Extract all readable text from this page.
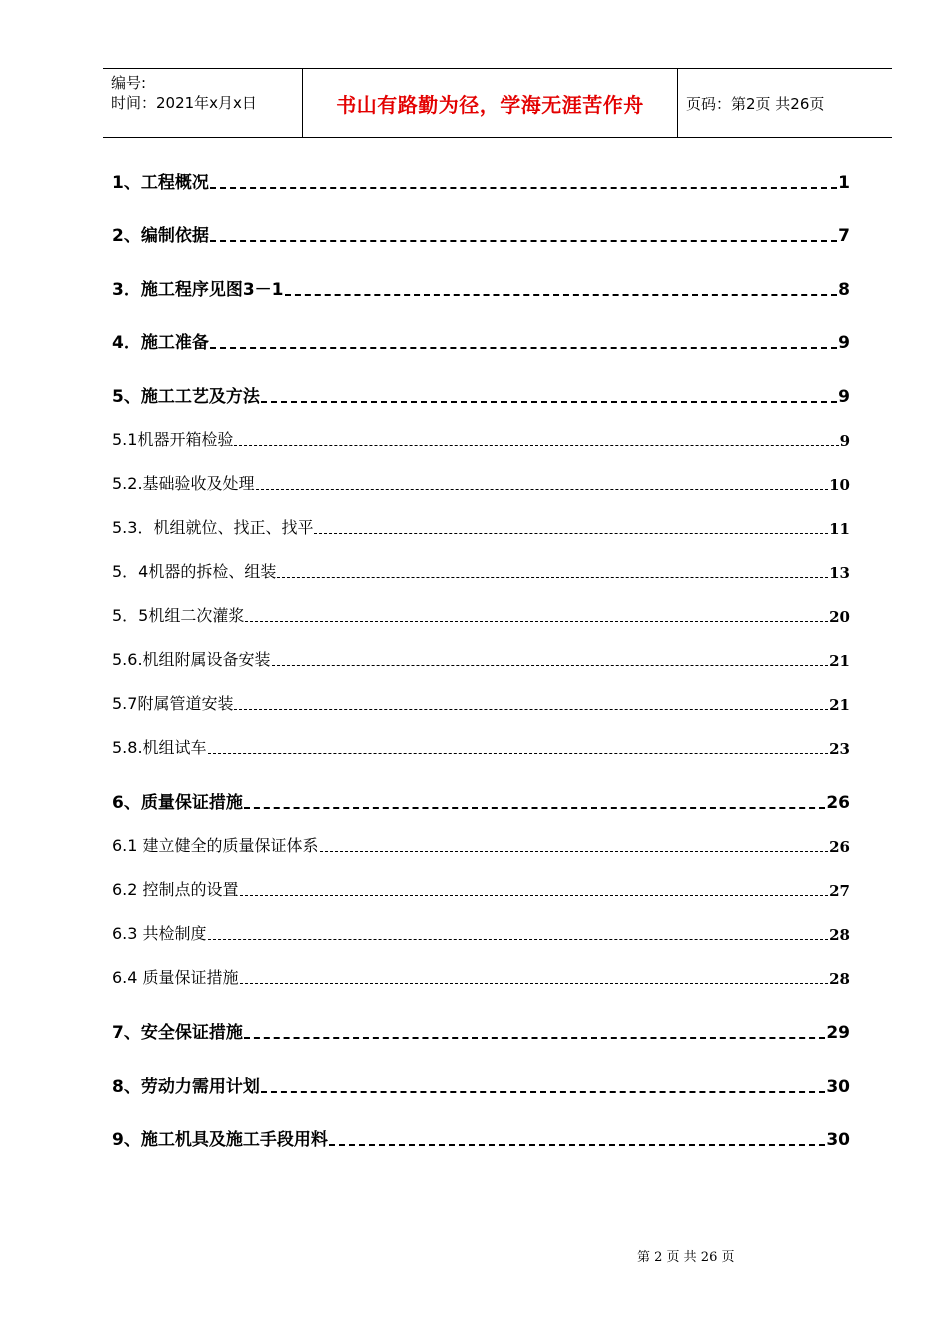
编号:
时间：2021年x月x日	书山有路勤为径，学海无涯苦作舟	页码：第2页 共26页
1、工程概况	1
2、编制依据	7
3．施工程序见图3－1	8
4．施工准备	9
5、施工工艺及方法	9
5.1机器开箱检验	9
5.2.基础验收及处理	10
5.3．机组就位、找正、找平	11
5．4机器的拆检、组装	13
5．5机组二次灌浆	20
5.6.机组附属设备安装	21
5.7附属管道安装	21
5.8.机组试车	23
6、质量保证措施	26
6.1 建立健全的质量保证体系	26
6.2 控制点的设置	27
6.3 共检制度	28
6.4 质量保证措施	28
7、安全保证措施	29
8、劳动力需用计划	30
9、施工机具及施工手段用料	30
第 2 页 共 26 页
